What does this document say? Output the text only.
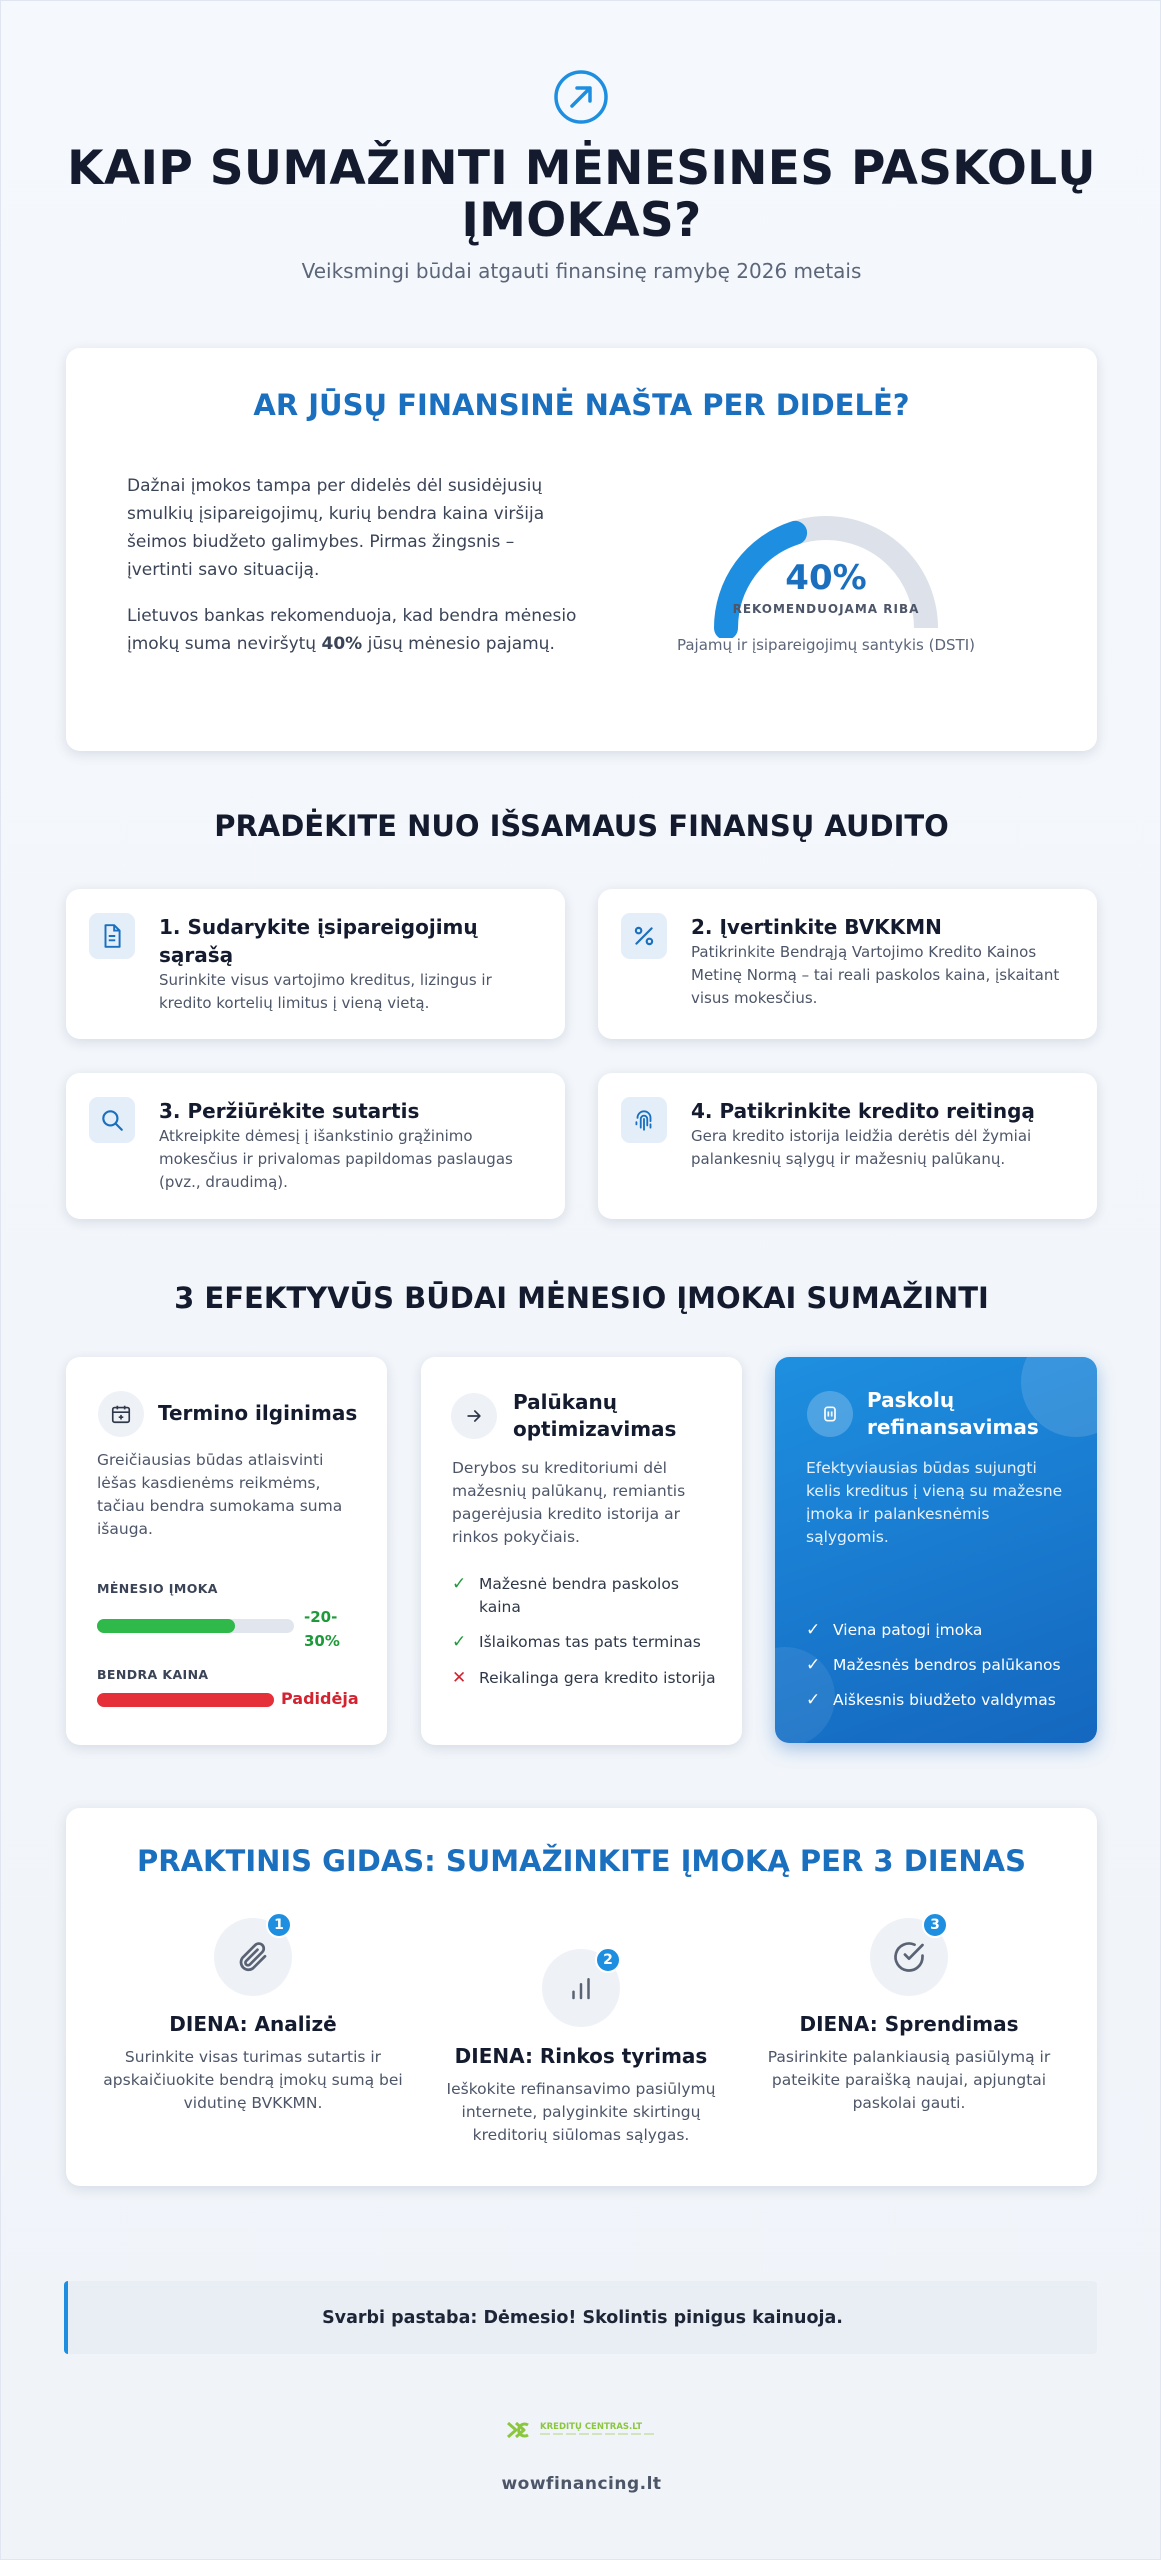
KAIP SUMAŽINTI MĖNESINES PASKOLŲ ĮMOKAS?
Veiksmingi būdai atgauti finansinę ramybę 2026 metais
AR JŪSŲ FINANSINĖ NAŠTA PER DIDELĖ?
Dažnai įmokos tampa per didelės dėl susidėjusių smulkių įsipareigojimų, kurių bendra kaina viršija šeimos biudžeto galimybes. Pirmas žingsnis – įvertinti savo situaciją.
Lietuvos bankas rekomenduoja, kad bendra mėnesio įmokų suma neviršytų 40% jūsų mėnesio pajamų.
40%
REKOMENDUOJAMA RIBA
Pajamų ir įsipareigojimų santykis (DSTI)
PRADĖKITE NUO IŠSAMAUS FINANSŲ AUDITO
1. Sudarykite įsipareigojimų sąrašą
Surinkite visus vartojimo kreditus, lizingus ir kredito kortelių limitus į vieną vietą.
2. Įvertinkite BVKKMN
Patikrinkite Bendrąją Vartojimo Kredito Kainos Metinę Normą – tai reali paskolos kaina, įskaitant visus mokesčius.
3. Peržiūrėkite sutartis
Atkreipkite dėmesį į išankstinio grąžinimo mokesčius ir privalomas papildomas paslaugas (pvz., draudimą).
4. Patikrinkite kredito reitingą
Gera kredito istorija leidžia derėtis dėl žymiai palankesnių sąlygų ir mažesnių palūkanų.
3 EFEKTYVŪS BŪDAI MĖNESIO ĮMOKAI SUMAŽINTI
Termino ilginimas
Greičiausias būdas atlaisvinti lėšas kasdienėms reikmėms, tačiau bendra sumokama suma išauga.
MĖNESIO ĮMOKA
-20-30%
BENDRA KAINA
Padidėja
Palūkanų optimizavimas
Derybos su kreditoriumi dėl mažesnių palūkanų, remiantis pagerėjusia kredito istorija ar rinkos pokyčiais.
✓ Mažesnė bendra paskolos kaina
✓ Išlaikomas tas pats terminas
✕ Reikalinga gera kredito istorija
Paskolų refinansavimas
Efektyviausias būdas sujungti kelis kreditus į vieną su mažesne įmoka ir palankesnėmis sąlygomis.
✓ Viena patogi įmoka
✓ Mažesnės bendros palūkanos
✓ Aiškesnis biudžeto valdymas
PRAKTINIS GIDAS: SUMAŽINKITE ĮMOKĄ PER 3 DIENAS
1
DIENA: Analizė
Surinkite visas turimas sutartis ir apskaičiuokite bendrą įmokų sumą bei vidutinę BVKKMN.
2
DIENA: Rinkos tyrimas
Ieškokite refinansavimo pasiūlymų internete, palyginkite skirtingų kreditorių siūlomas sąlygas.
3
DIENA: Sprendimas
Pasirinkite palankiausią pasiūlymą ir pateikite paraišką naujai, apjungtai paskolai gauti.
Svarbi pastaba: Dėmesio! Skolintis pinigus kainuoja.
KREDITŲ CENTRAS.LT
wowfinancing.lt
